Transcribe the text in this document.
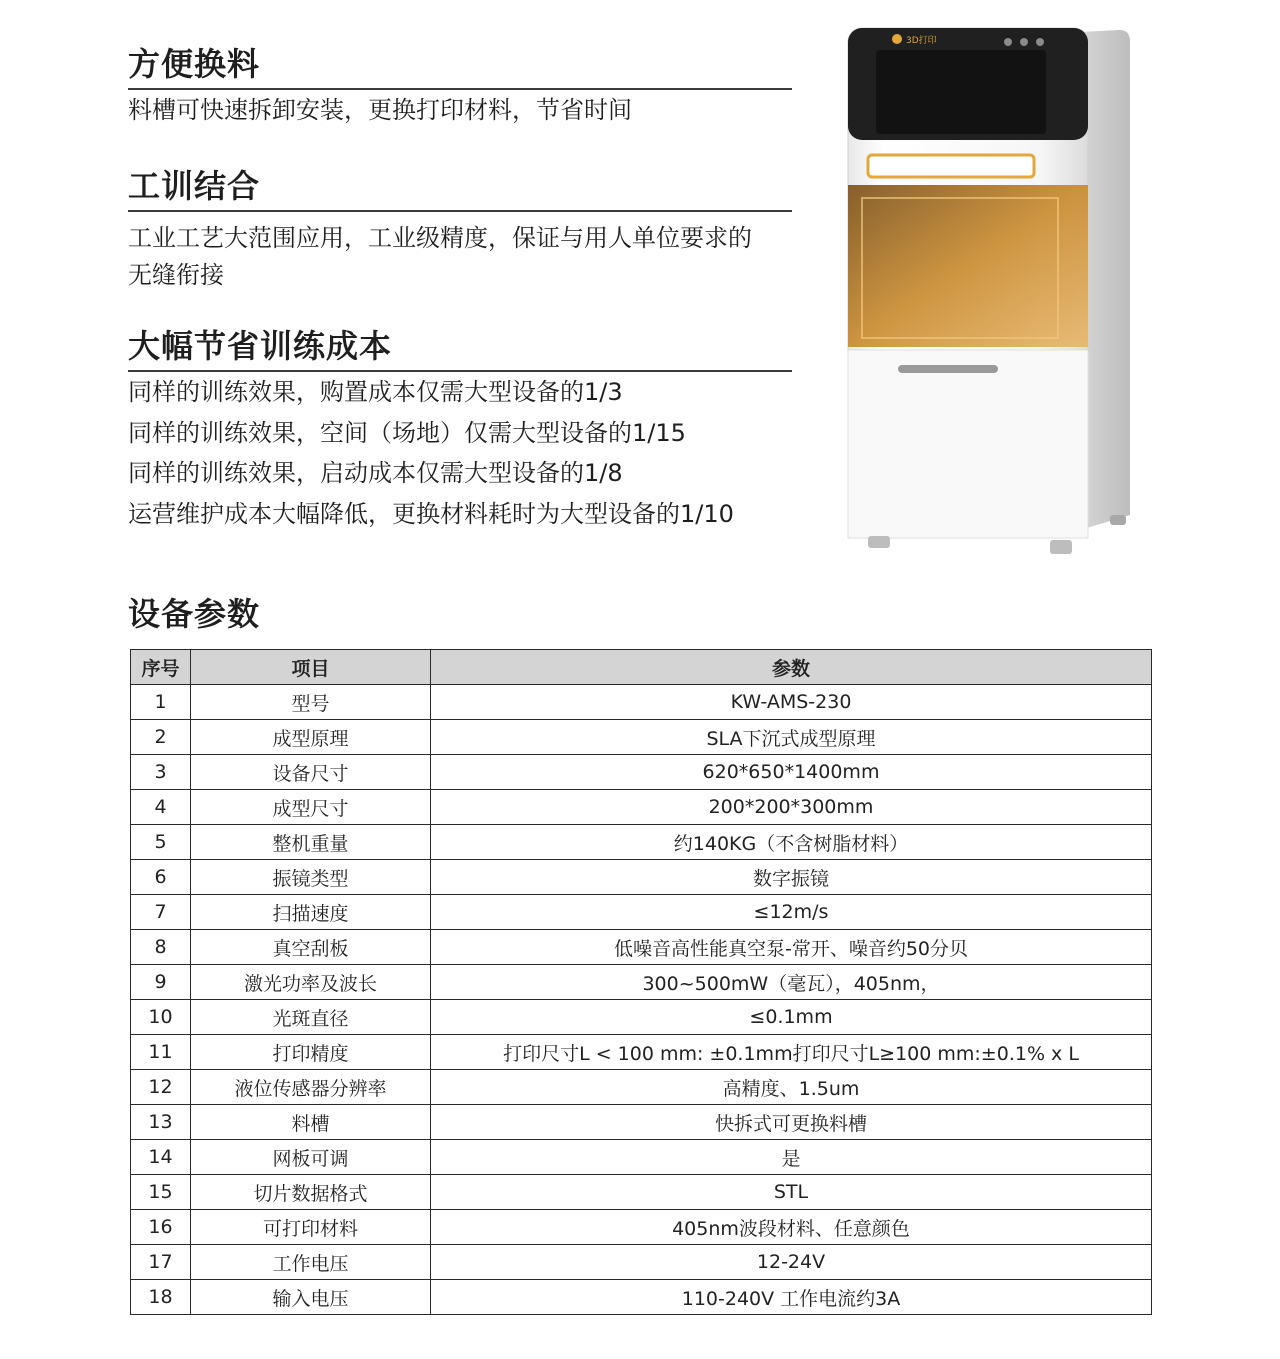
方便换料

料槽可快速拆卸安装，更换打印材料，节省时间

工训结合

工业工艺大范围应用，工业级精度，保证与用人单位要求的

无缝衔接

大幅节省训练成本
同样的训练效果，购置成本仅需大型设备的1/3
同样的训练效果，空间（场地）仅需大型设备的1/15
同样的训练效果，启动成本仅需大型设备的1/8
运营维护成本大幅降低，更换材料耗时为大型设备的1/10
3D打印
设备参数
序号	项目	参数
1	型号	KW-AMS-230
2	成型原理	SLA下沉式成型原理
3	设备尺寸	620*650*1400mm
4	成型尺寸	200*200*300mm
5	整机重量	约140KG（不含树脂材料）
6	振镜类型	数字振镜
7	扫描速度	≤12m/s
8	真空刮板	低噪音高性能真空泵-常开、噪音约50分贝
9	激光功率及波长	300~500mW（毫瓦），405nm，
10	光斑直径	≤0.1mm
11	打印精度	打印尺寸L < 100 mm: ±0.1mm打印尺寸L≥100 mm:±0.1% x L
12	液位传感器分辨率	高精度、1.5um
13	料槽	快拆式可更换料槽
14	网板可调	是
15	切片数据格式	STL
16	可打印材料	405nm波段材料、任意颜色
17	工作电压	12-24V
18	输入电压	110-240V 工作电流约3A
